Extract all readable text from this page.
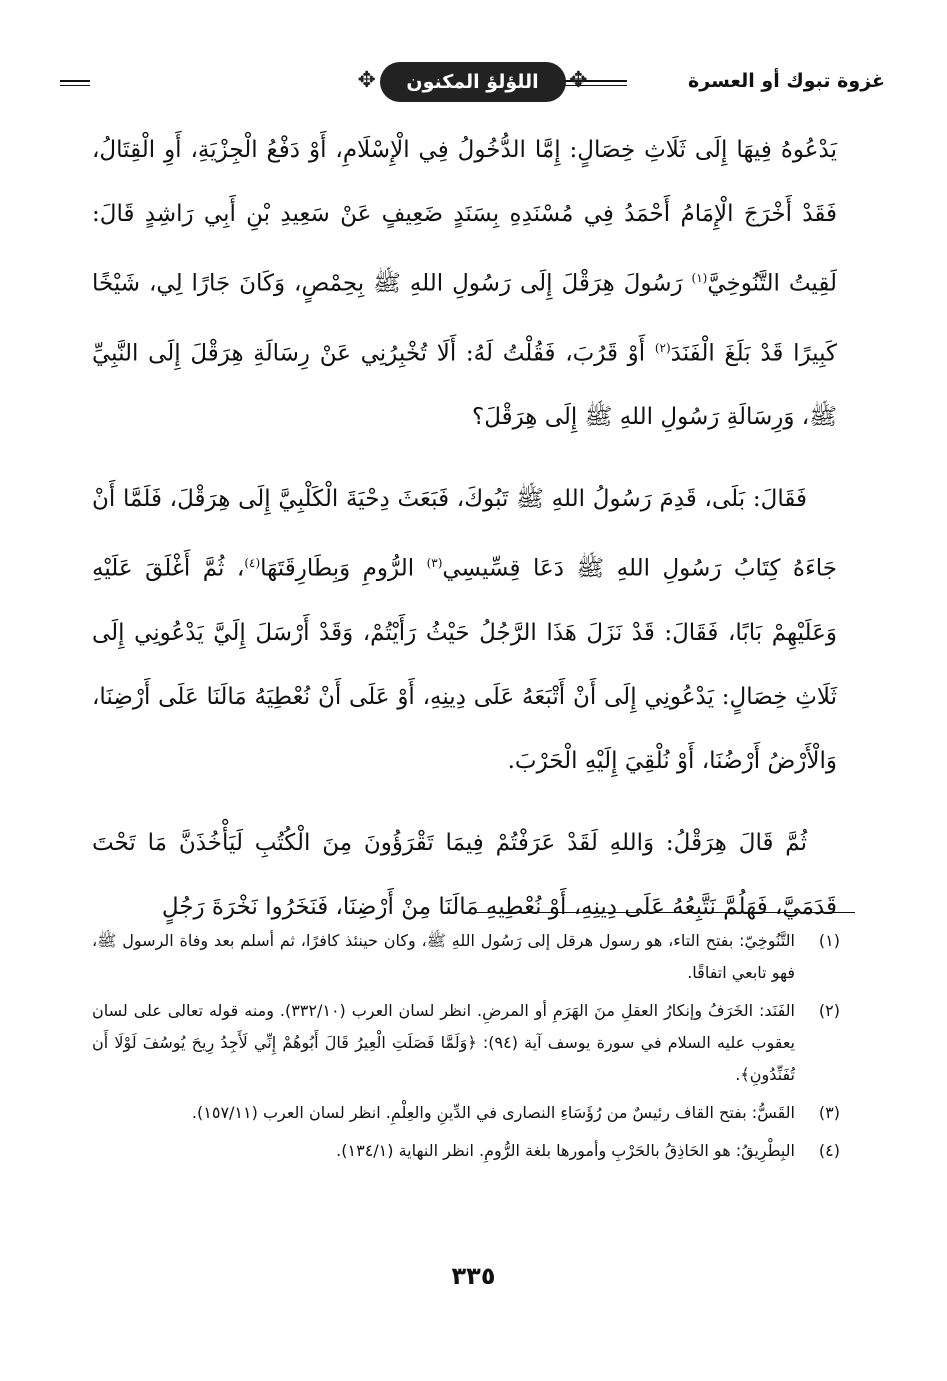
غزوة تبوك أو العسرة
✥ اللؤلؤ المكنون
✥

يَدْعُوهُ فِيهَا إِلَى ثَلَاثِ خِصَالٍ: إِمَّا الدُّخُولُ فِي الْإِسْلَامِ، أَوْ دَفْعُ الْجِزْيَةِ، أَوِ الْقِتَالُ، فَقَدْ أَخْرَجَ الْإِمَامُ أَحْمَدُ فِي مُسْنَدِهِ بِسَنَدٍ ضَعِيفٍ عَنْ سَعِيدِ بْنِ أَبِي رَاشِدٍ قَالَ: لَقِيتُ التَّنُوخِيَّ$^{(١)}$ رَسُولَ هِرَقْلَ إِلَى رَسُولِ اللهِ ﷺ بِحِمْصٍ، وَكَانَ جَارًا لِي، شَيْخًا كَبِيرًا قَدْ بَلَغَ الْفَنَدَ$^{(٢)}$ أَوْ قَرُبَ، فَقُلْتُ لَهُ: أَلَا تُخْبِرُنِي عَنْ رِسَالَةِ هِرَقْلَ إِلَى النَّبِيِّ ﷺ، وَرِسَالَةِ رَسُولِ اللهِ ﷺ إِلَى هِرَقْلَ؟

فَقَالَ: بَلَى، قَدِمَ رَسُولُ اللهِ ﷺ تَبُوكَ، فَبَعَثَ دِحْيَةَ الْكَلْبِيَّ إِلَى هِرَقْلَ، فَلَمَّا أَنْ جَاءَهُ كِتَابُ رَسُولِ اللهِ ﷺ دَعَا قِسِّيسِي$^{(٣)}$ الرُّومِ وَبِطَارِقَتَهَا$^{(٤)}$، ثُمَّ أَغْلَقَ عَلَيْهِ وَعَلَيْهِمْ بَابًا، فَقَالَ: قَدْ نَزَلَ هَذَا الرَّجُلُ حَيْثُ رَأَيْتُمْ، وَقَدْ أَرْسَلَ إِلَيَّ يَدْعُونِي إِلَى ثَلَاثِ خِصَالٍ: يَدْعُونِي إِلَى أَنْ أَتْبَعَهُ عَلَى دِينِهِ، أَوْ عَلَى أَنْ نُعْطِيَهُ مَالَنَا عَلَى أَرْضِنَا، وَالْأَرْضُ أَرْضُنَا، أَوْ نُلْقِيَ إِلَيْهِ الْحَرْبَ.

ثُمَّ قَالَ هِرَقْلُ: وَاللهِ لَقَدْ عَرَفْتُمْ فِيمَا تَقْرَؤُونَ مِنَ الْكُتُبِ لَيَأْخُذَنَّ مَا تَحْتَ قَدَمَيَّ، فَهَلُمَّ نَتَّبِعُهُ عَلَى دِينِهِ، أَوْ نُعْطِيهِ مَالَنَا مِنْ أَرْضِنَا، فَنَخَرُوا نَخْرَةَ رَجُلٍ

(١)
التَّنُوخِيّ: بفتح التاء، هو رسول هرقل إلى رَسُول اللهِ ﷺ، وكان حينئذ كافرًا، ثم أسلم بعد وفاة الرسول ﷺ، فهو تابعي اتفاقًا.
(٢)
الفَنَد: الخَرَفُ وإنكارُ العقلِ منَ الهَرَمِ أو المرضِ. انظر لسان العرب (٣٣٢/١٠). ومنه قوله تعالى على لسان يعقوب عليه السلام في سورة يوسف آية (٩٤): ﴿وَلَمَّا فَصَلَتِ الْعِيرُ قَالَ أَبُوهُمْ إِنِّي لَأَجِدُ رِيحَ يُوسُفَ لَوْلَا أَن تُفَنِّدُونِ﴾.
(٣)
القَسُّ: بفتح القاف رئيسٌ من رُؤَسَاءِ النصارى في الدِّينِ والعِلْمِ. انظر لسان العرب (١٥٧/١١).
(٤)
البِطْرِيقُ: هو الحَاذِقُ بالحَرْبِ وأمورها بلغة الرُّومِ. انظر النهاية (١٣٤/١).
٣٣٥
